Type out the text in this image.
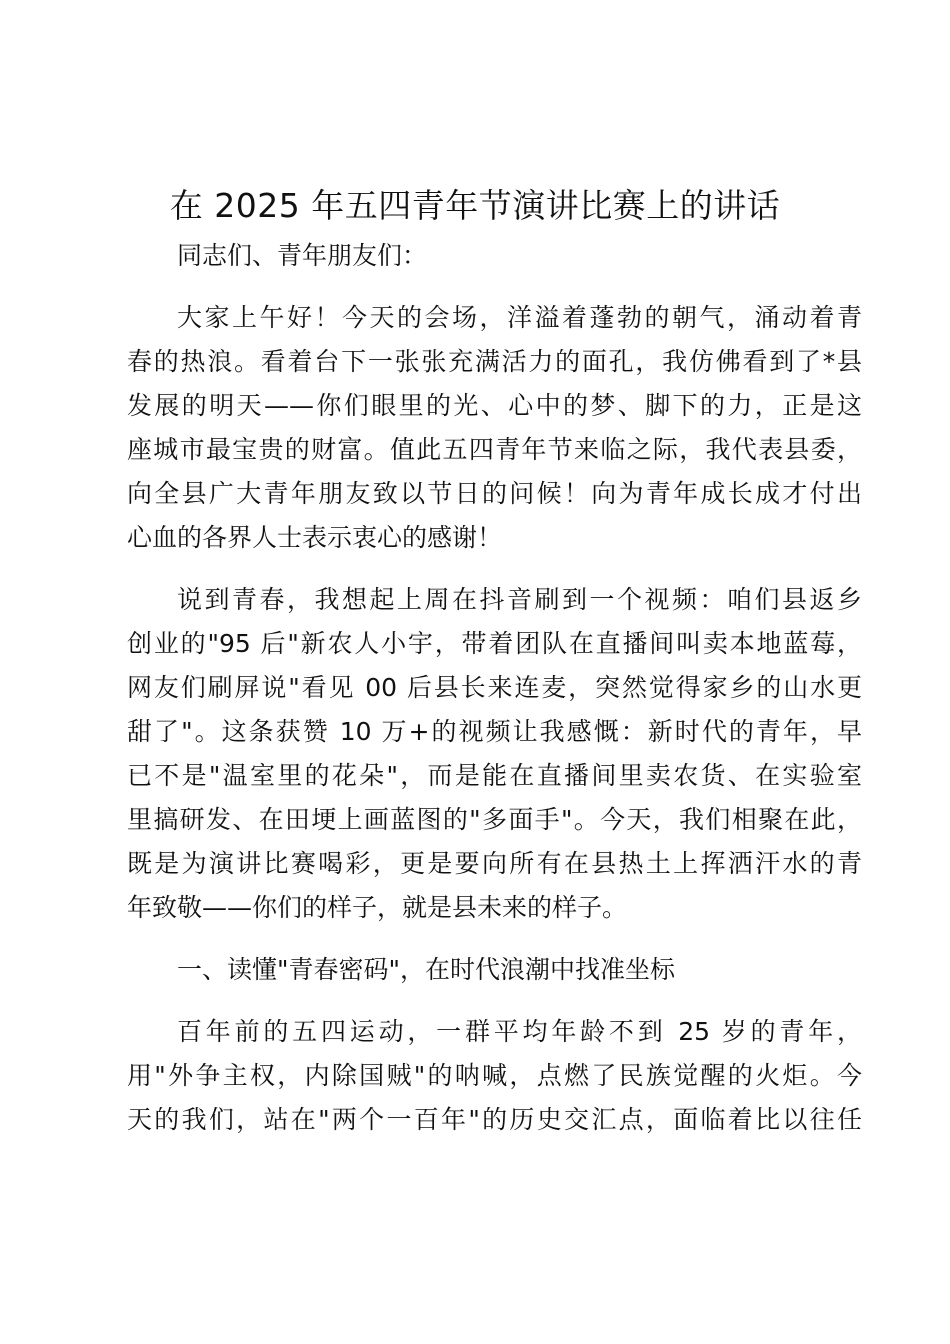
在 2025 年五四青年节演讲比赛上的讲话
同志们、青年朋友们：
大家上午好！今天的会场，洋溢着蓬勃的朝气，涌动着青
春的热浪。看着台下一张张充满活力的面孔，我仿佛看到了*县
发展的明天——你们眼里的光、心中的梦、脚下的力，正是这
座城市最宝贵的财富。值此五四青年节来临之际，我代表县委，
向全县广大青年朋友致以节日的问候！向为青年成长成才付出
心血的各界人士表示衷心的感谢！
说到青春，我想起上周在抖音刷到一个视频：咱们县返乡
创业的"95 后"新农人小宇，带着团队在直播间叫卖本地蓝莓，
网友们刷屏说"看见 00 后县长来连麦，突然觉得家乡的山水更
甜了"。这条获赞 10 万+的视频让我感慨：新时代的青年，早
已不是"温室里的花朵"，而是能在直播间里卖农货、在实验室
里搞研发、在田埂上画蓝图的"多面手"。今天，我们相聚在此，
既是为演讲比赛喝彩，更是要向所有在县热土上挥洒汗水的青
年致敬——你们的样子，就是县未来的样子。
一、读懂"青春密码"，在时代浪潮中找准坐标
百年前的五四运动，一群平均年龄不到 25 岁的青年，
用"外争主权，内除国贼"的呐喊，点燃了民族觉醒的火炬。今
天的我们，站在"两个一百年"的历史交汇点，面临着比以往任
